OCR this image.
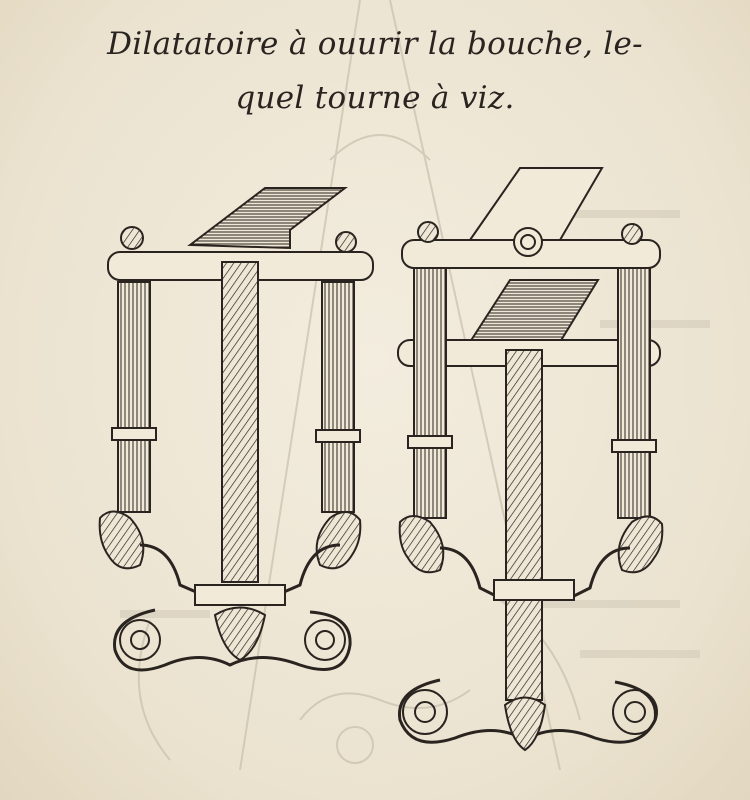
Dilatatoire à ouurir la bouche, le-
quel tourne à viz.
